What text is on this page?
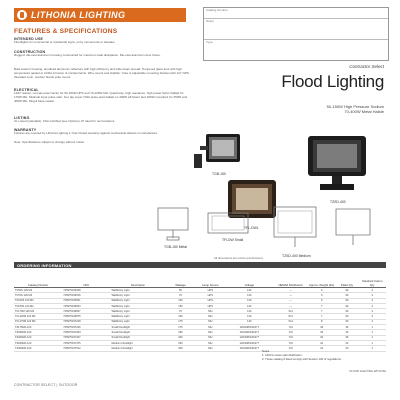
LITHONIA LIGHTING	Catalog Number
Notes
Type
FEATURES & SPECIFICATIONS
INTENDED USE
Floodlights for commercial or residential signs, entry monuments or facades.
CONSTRUCTION
Rugged, die-cast aluminum housing constructed for maximum heat dissipation. Die-cast aluminum door frame.
Bold exterior housing, anodized aluminum reflectors with high efficiency and wide beam spread. Tempered glass lens with high temperature gasket to inhibit intrusion of contaminants. Wire-mount and slipfitter. Yoke is adjustable mounting bracket with 1/2" NPS threaded conn. outdoor floods yoke mount.
ELECTRICAL
120V reactor, normal power factor for 50-150W HPS and 70-100W MH. Quadri-tap, high reactance, high power factor ballast for 175W MH. Multivolt input pulse-start, four tap super CWA pulse-start ballast on 400W eff-ficient and 320W compliant for 250W and 400W MH. Mogul base socket.
LISTING
UL Listed (standard). CSA Certified (see Options). IP rated for wet locations.
WARRANTY
Fixtures are covered by Lithonia Lighting 1-Year limited warranty against mechanical defects in manufacture.
Note: Specifications subject to change without notice.
Contractor Select
Flood Lighting
50-150W High Pressure Sodium
70-400W Metal Halide
TGB-150
TFL-DWL
TZSD-400
TGB-150 Metal
TFLDW Small
TZSD-400 Medium
All dimensions are inches (centimeters).
ORDERING INFORMATION
Catalog Number	UPC	Description	Wattage	Lamp Source	Voltage	NEMA# Distribution	Approx. Weight (lbs)	Pallet Qty	Standard Carton Qty
TF50S 120 M2	745975196448	Wall/Entry Light	50	HPS	120	—	6	90	4
TF70S 120 M2	745975196516	Wall/Entry Light	70	HPS	120	—	6	90	4
TF100S 120 M2	745975196561	Wall/Entry Light	100	HPS	120	—	6	90	4
TF150S 120 M2	745975196653	Wall/Entry Light	150	HPS	120	—	7	90	4
TFL70M 120 M2	745975196837	Wall/Entry Light	70	MH	120	5x4	7	90	4
TFL100M 120 M2	745975196875	Wall/Entry Light	100	MH	120	5x4	7	90	4
TFL175M 120 M2	745975197018	Wall/Entry Light	175	MH	120	5x4	8	60	4
TZ175MA 120	745975197246	Small Floodlight	175	MH	120/208/240/277	7x6	18	36	1
TZ250MA 120	745975197284	Small Floodlight	250	MH	120/208/240/277	7x6	18	36	1
TZ400MA 120	745975197437	Small Floodlight	400	MH	120/208/240/277	7x6	20	36	1
TZ250MA 120	745975197475	Medium Floodlight	250	MH	120/208/240/277	7x6	24	20	1
TZ400MA 120	745975197512	Medium Floodlight	400	MH	120/208/240/277	7x6	24	20	1
Notes
1. 120V-H wave split distribution.
2. These catalog # listed comply with Section 106 of regulations.
FLOOD LIGHTING WITH MH
CONTRACTOR SELECT | OUTDOOR
